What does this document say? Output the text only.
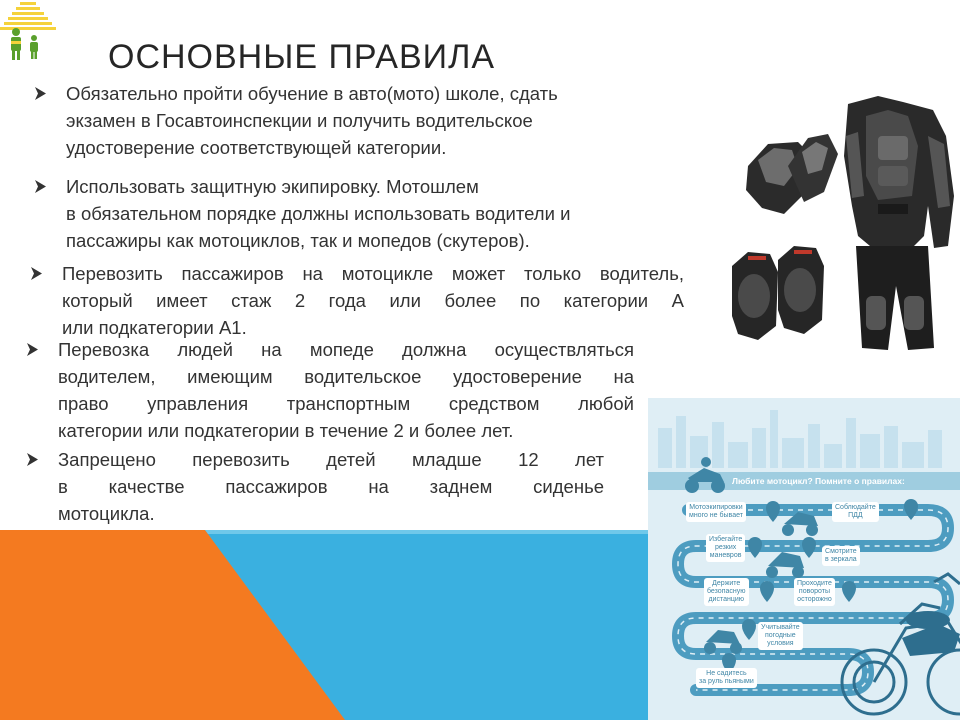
ОСНОВНЫЕ ПРАВИЛА
Обязательно пройти обучение в авто(мото) школе, сдать
экзамен в Госавтоинспекции и получить водительское
удостоверение соответствующей категории.
Использовать защитную экипировку. Мотошлем
в обязательном порядке должны использовать водители и
пассажиры как мотоциклов, так и мопедов (скутеров).
Перевозить пассажиров на мотоцикле может только водитель,
который имеет стаж 2 года или более по категории А
или подкатегории А1.
Перевозка людей на мопеде должна осуществляться
водителем, имеющим водительское удостоверение на
право управления транспортным средством любой
категории или подкатегории в течение 2 и более лет.
Запрещено перевозить детей младше 12 лет
в качестве пассажиров на заднем сиденье
мотоцикла.
Любите мотоцикл? Помните о правилах:
Мотоэкипировки
много не бывает
Соблюдайте
ПДД
Избегайте
резких
маневров
Смотрите
в зеркала
Держите
безопасную
дистанцию
Проходите
повороты
осторожно
Учитывайте
погодные
условия
Не садитесь
за руль пьяными
